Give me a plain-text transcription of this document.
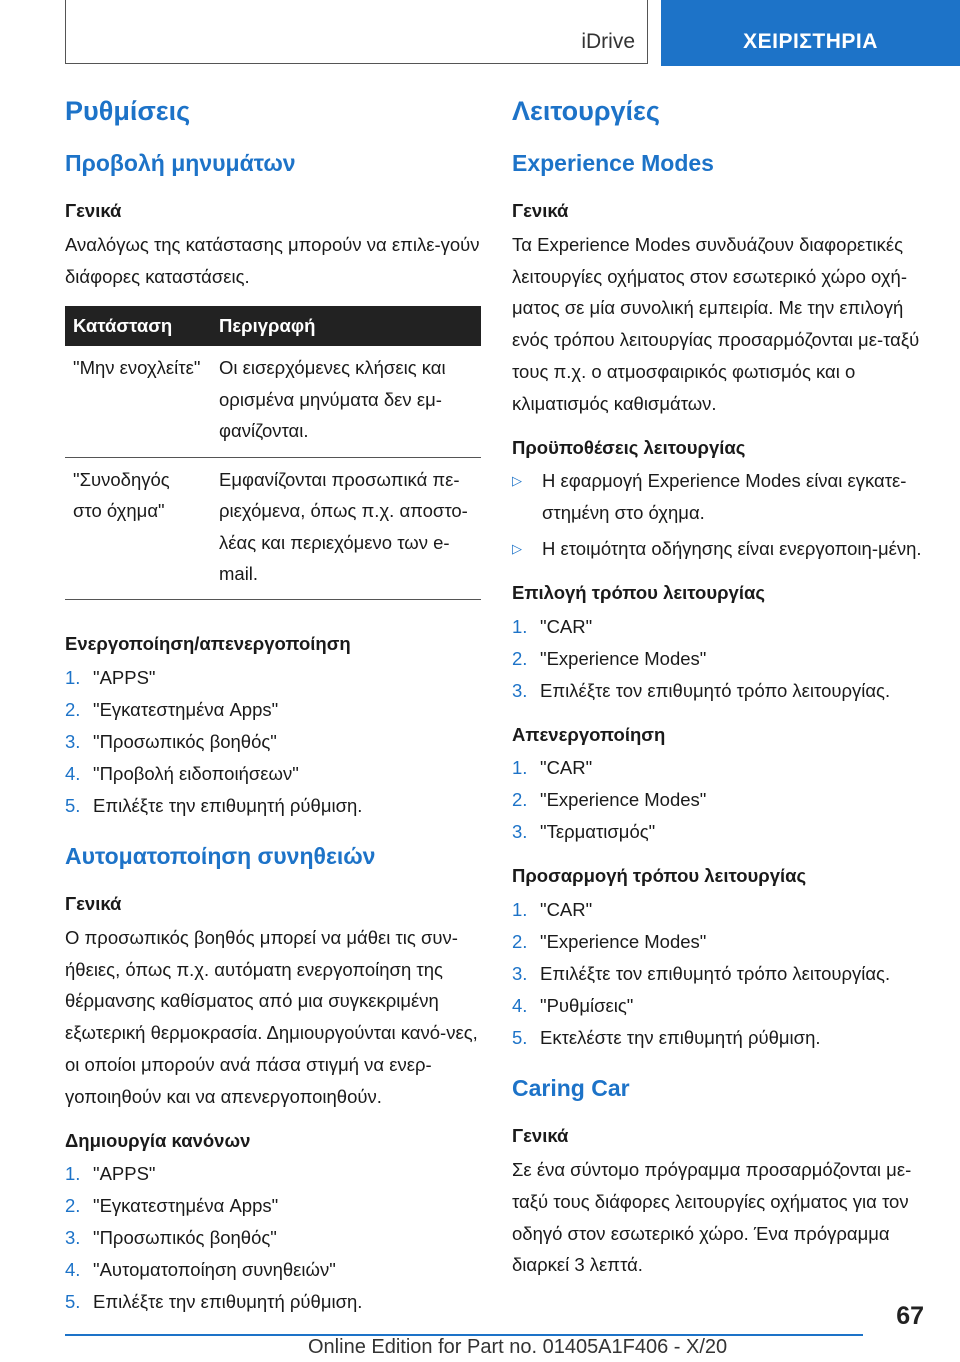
iDrive	ΧΕΙΡΙΣΤΗΡΙΑ
Ρυθμίσεις
Προβολή μηνυμάτων
Γενικά

Αναλόγως της κατάστασης μπορούν να επιλε-γούν διάφορες καταστάσεις.

Κατάσταση	Περιγραφή
"Μην ενοχλείτε"	Οι εισερχόμενες κλήσεις και ορισμένα μηνύματα δεν εμ-φανίζονται.
"Συνοδηγός στο όχημα"	Εμφανίζονται προσωπικά πε-ριεχόμενα, όπως π.χ. αποστο-λέας και περιεχόμενο των e-mail.
Ενεργοποίηση/απενεργοποίηση
1. "APPS"
2. "Εγκατεστημένα Apps"
3. "Προσωπικός βοηθός"
4. "Προβολή ειδοποιήσεων"
5. Επιλέξτε την επιθυμητή ρύθμιση.
Αυτοματοποίηση συνηθειών
Γενικά

Ο προσωπικός βοηθός μπορεί να μάθει τις συν-ήθειες, όπως π.χ. αυτόματη ενεργοποίηση της θέρμανσης καθίσματος από μια συγκεκριμένη εξωτερική θερμοκρασία. Δημιουργούνται κανό-νες, οι οποίοι μπορούν ανά πάσα στιγμή να ενερ-γοποιηθούν και να απενεργοποιηθούν.

Δημιουργία κανόνων
1. "APPS"
2. "Εγκατεστημένα Apps"
3. "Προσωπικός βοηθός"
4. "Αυτοματοποίηση συνηθειών"
5. Επιλέξτε την επιθυμητή ρύθμιση.
Λειτουργίες
Experience Modes
Γενικά

Τα Experience Modes συνδυάζουν διαφορετικές λειτουργίες οχήματος στον εσωτερικό χώρο οχή-ματος σε μία συνολική εμπειρία. Με την επιλογή ενός τρόπου λειτουργίας προσαρμόζονται με-ταξύ τους π.χ. ο ατμοσφαιρικός φωτισμός και ο κλιματισμός καθισμάτων.

Προϋποθέσεις λειτουργίας
▷	Η εφαρμογή Experience Modes είναι εγκατε-στημένη στο όχημα.
▷	Η ετοιμότητα οδήγησης είναι ενεργοποιη-μένη.
Επιλογή τρόπου λειτουργίας
1. "CAR"
2. "Experience Modes"
3. Επιλέξτε τον επιθυμητό τρόπο λειτουργίας.
Απενεργοποίηση
1. "CAR"
2. "Experience Modes"
3. "Τερματισμός"
Προσαρμογή τρόπου λειτουργίας
1. "CAR"
2. "Experience Modes"
3. Επιλέξτε τον επιθυμητό τρόπο λειτουργίας.
4. "Ρυθμίσεις"
5. Εκτελέστε την επιθυμητή ρύθμιση.
Caring Car
Γενικά

Σε ένα σύντομο πρόγραμμα προσαρμόζονται με-ταξύ τους διάφορες λειτουργίες οχήματος για τον οδηγό στον εσωτερικό χώρο. Ένα πρόγραμμα διαρκεί 3 λεπτά.

67
Online Edition for Part no. 01405A1F406 - X/20
